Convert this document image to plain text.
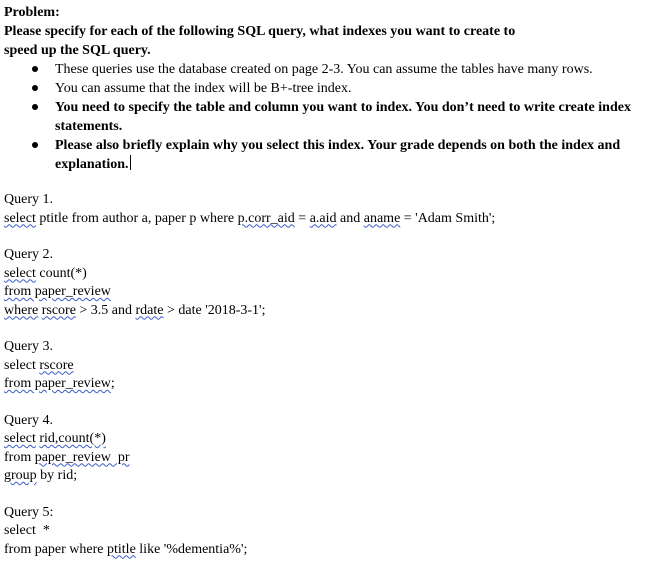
Problem:
Please specify for each of the following SQL query, what indexes you want to create to
speed up the SQL query.
These queries use the database created on page 2-3. You can assume the tables have many rows.
You can assume that the index will be B+-tree index.
You need to specify the table and column you want to index. You don’t need to write create index statements.
Please also briefly explain why you select this index. Your grade depends on both the index and explanation.
Query 1.
select ptitle from author a, paper p where p.corr_aid = a.aid and aname = 'Adam Smith';
Query 2.
select count(*)
from paper_review
where rscore > 3.5 and rdate > date '2018-3-1';
Query 3.
select rscore
from paper_review;
Query 4.
select rid,count(*)
from paper_review  pr
group by rid;
Query 5:
select  *
from paper where ptitle like '%dementia%';
